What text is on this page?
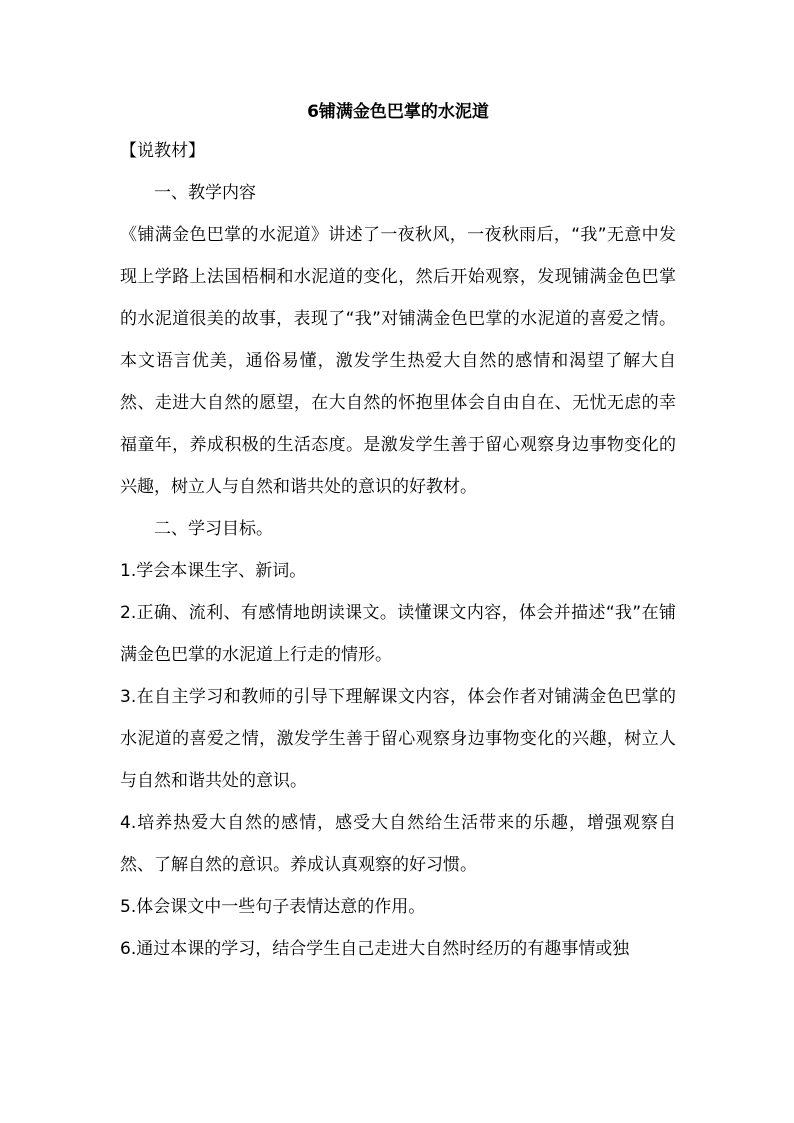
6铺满金色巴掌的水泥道

【说教材】

一、教学内容

《铺满金色巴掌的水泥道》讲述了一夜秋风，一夜秋雨后，“我”无意中发现上学路上法国梧桐和水泥道的变化，然后开始观察，发现铺满金色巴掌的水泥道很美的故事，表现了“我”对铺满金色巴掌的水泥道的喜爱之情。本文语言优美，通俗易懂，激发学生热爱大自然的感情和渴望了解大自然、走进大自然的愿望，在大自然的怀抱里体会自由自在、无忧无虑的幸福童年，养成积极的生活态度。是激发学生善于留心观察身边事物变化的兴趣，树立人与自然和谐共处的意识的好教材。

二、学习目标。

1.学会本课生字、新词。

2.正确、流利、有感情地朗读课文。读懂课文内容，体会并描述“我”在铺满金色巴掌的水泥道上行走的情形。

3.在自主学习和教师的引导下理解课文内容，体会作者对铺满金色巴掌的水泥道的喜爱之情，激发学生善于留心观察身边事物变化的兴趣，树立人与自然和谐共处的意识。

4.培养热爱大自然的感情，感受大自然给生活带来的乐趣，增强观察自然、了解自然的意识。养成认真观察的好习惯。

5.体会课文中一些句子表情达意的作用。

6.通过本课的学习，结合学生自己走进大自然时经历的有趣事情或独
